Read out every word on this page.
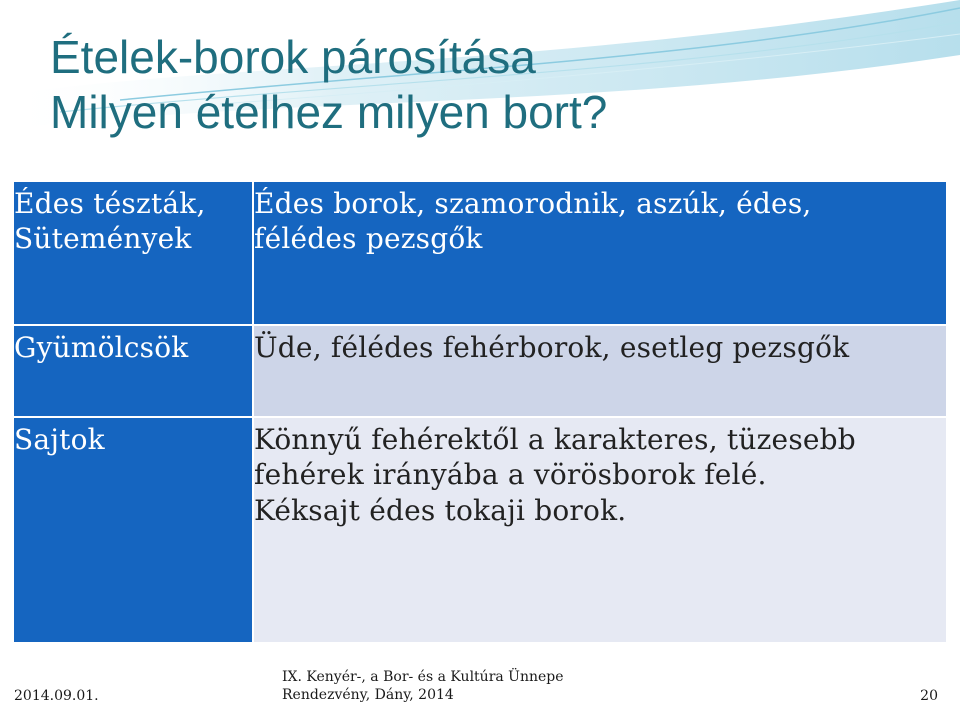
Ételek-borok párosítása
Milyen ételhez milyen bort?
Édes tészták,
Sütemények	Édes borok, szamorodnik, aszúk, édes,
félédes pezsgők

Gyümölcsök	Üde, félédes fehérborok, esetleg pezsgők

Sajtok	Könnyű fehérektől a karakteres, tüzesebb
fehérek irányába a vörösborok felé.
Kéksajt édes tokaji borok.
2014.09.01.
IX. Kenyér-, a Bor- és a Kultúra Ünnepe
Rendezvény, Dány, 2014	20
